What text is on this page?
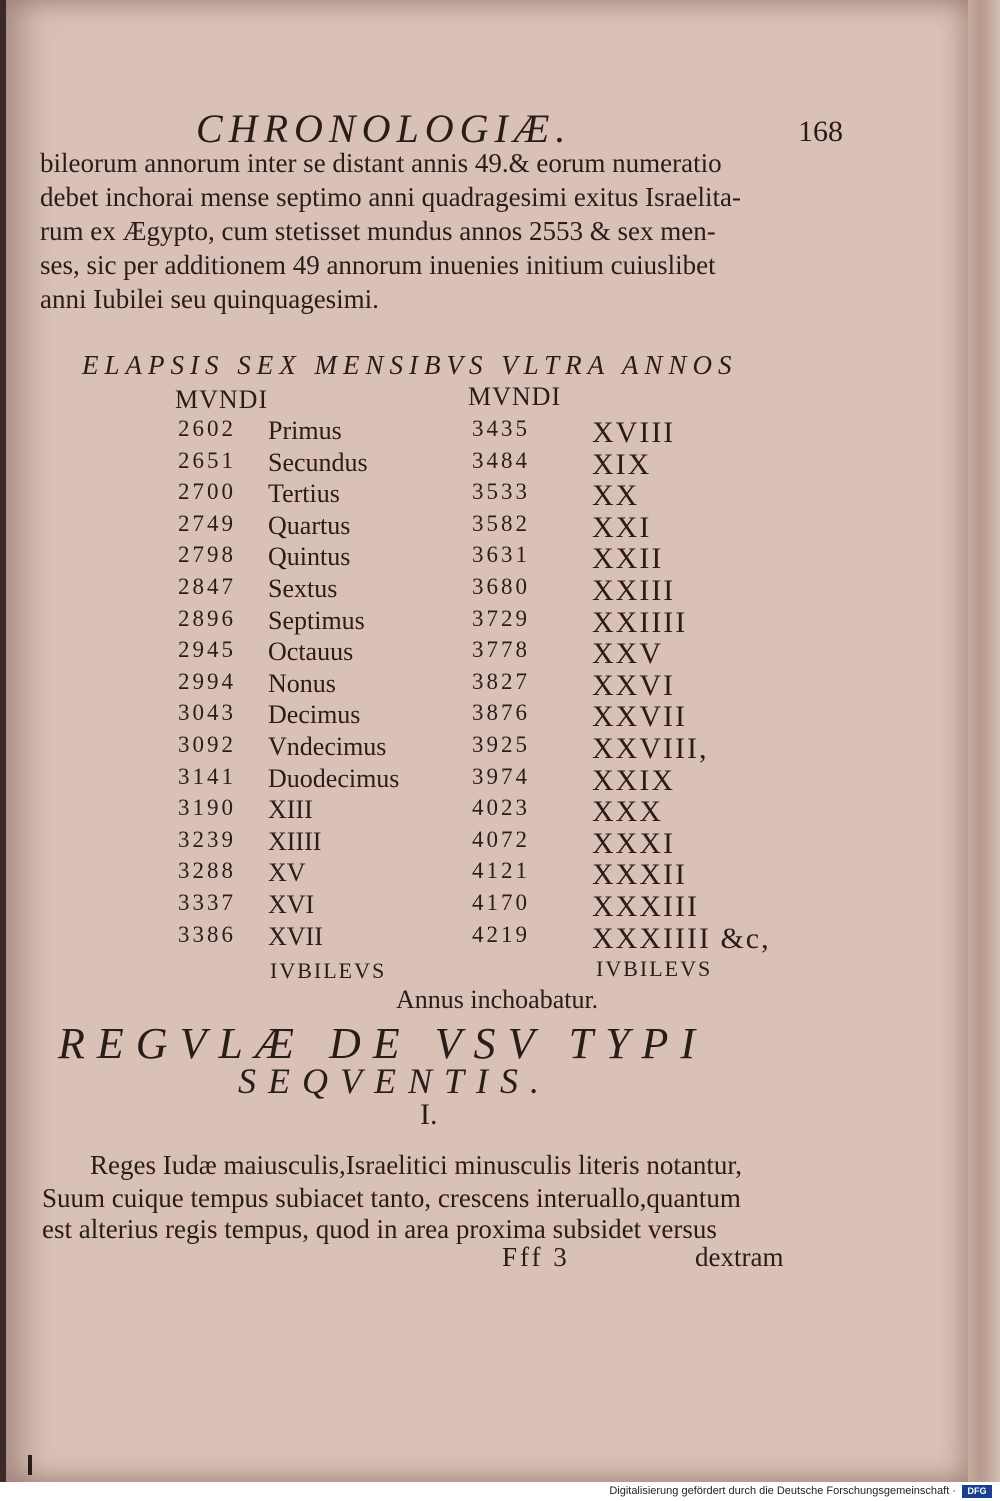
CHRONOLOGIÆ.	168
bileorum annorum inter se distant annis 49.& eorum numeratio
debet inchorai mense septimo anni quadragesimi exitus Israelita-
rum ex Ægypto, cum stetisset mundus annos 2553 & sex men-
ses, sic per additionem 49 annorum inuenies initium cuiuslibet
anni Iubilei seu quinquagesimi.
ELAPSIS SEX MENSIBVS VLTRA ANNOS
MVNDI	MVNDI
2602 Primus	3435 XVIII
2651 Secundus	3484 XIX
2700 Tertius	3533 XX
2749 Quartus	3582 XXI
2798 Quintus	3631 XXII
2847 Sextus	3680 XXIII
2896 Septimus	3729 XXIIII
2945 Octauus	3778 XXV
2994 Nonus	3827 XXVI
3043 Decimus	3876 XXVII
3092 Vndecimus	3925 XXVIII,
3141 Duodecimus	3974 XXIX
3190 XIII	4023 XXX
3239 XIIII	4072 XXXI
3288 XV	4121 XXXII
3337 XVI	4170 XXXIII
3386 XVII	4219 XXXIIII &c,
IVBILEVS	IVBILEVS
Annus inchoabatur.
REGVLÆ DE VSV TYPI
SEQVENTIS.
I.
Reges Iudæ maiusculis,Israelitici minusculis literis notantur,
Suum cuique tempus subiacet tanto, crescens interuallo,quantum
est alterius regis tempus, quod in area proxima subsidet versus
Fff 3	dextram
Digitalisierung gefördert durch die Deutsche Forschungsgemeinschaft ·	DFG
